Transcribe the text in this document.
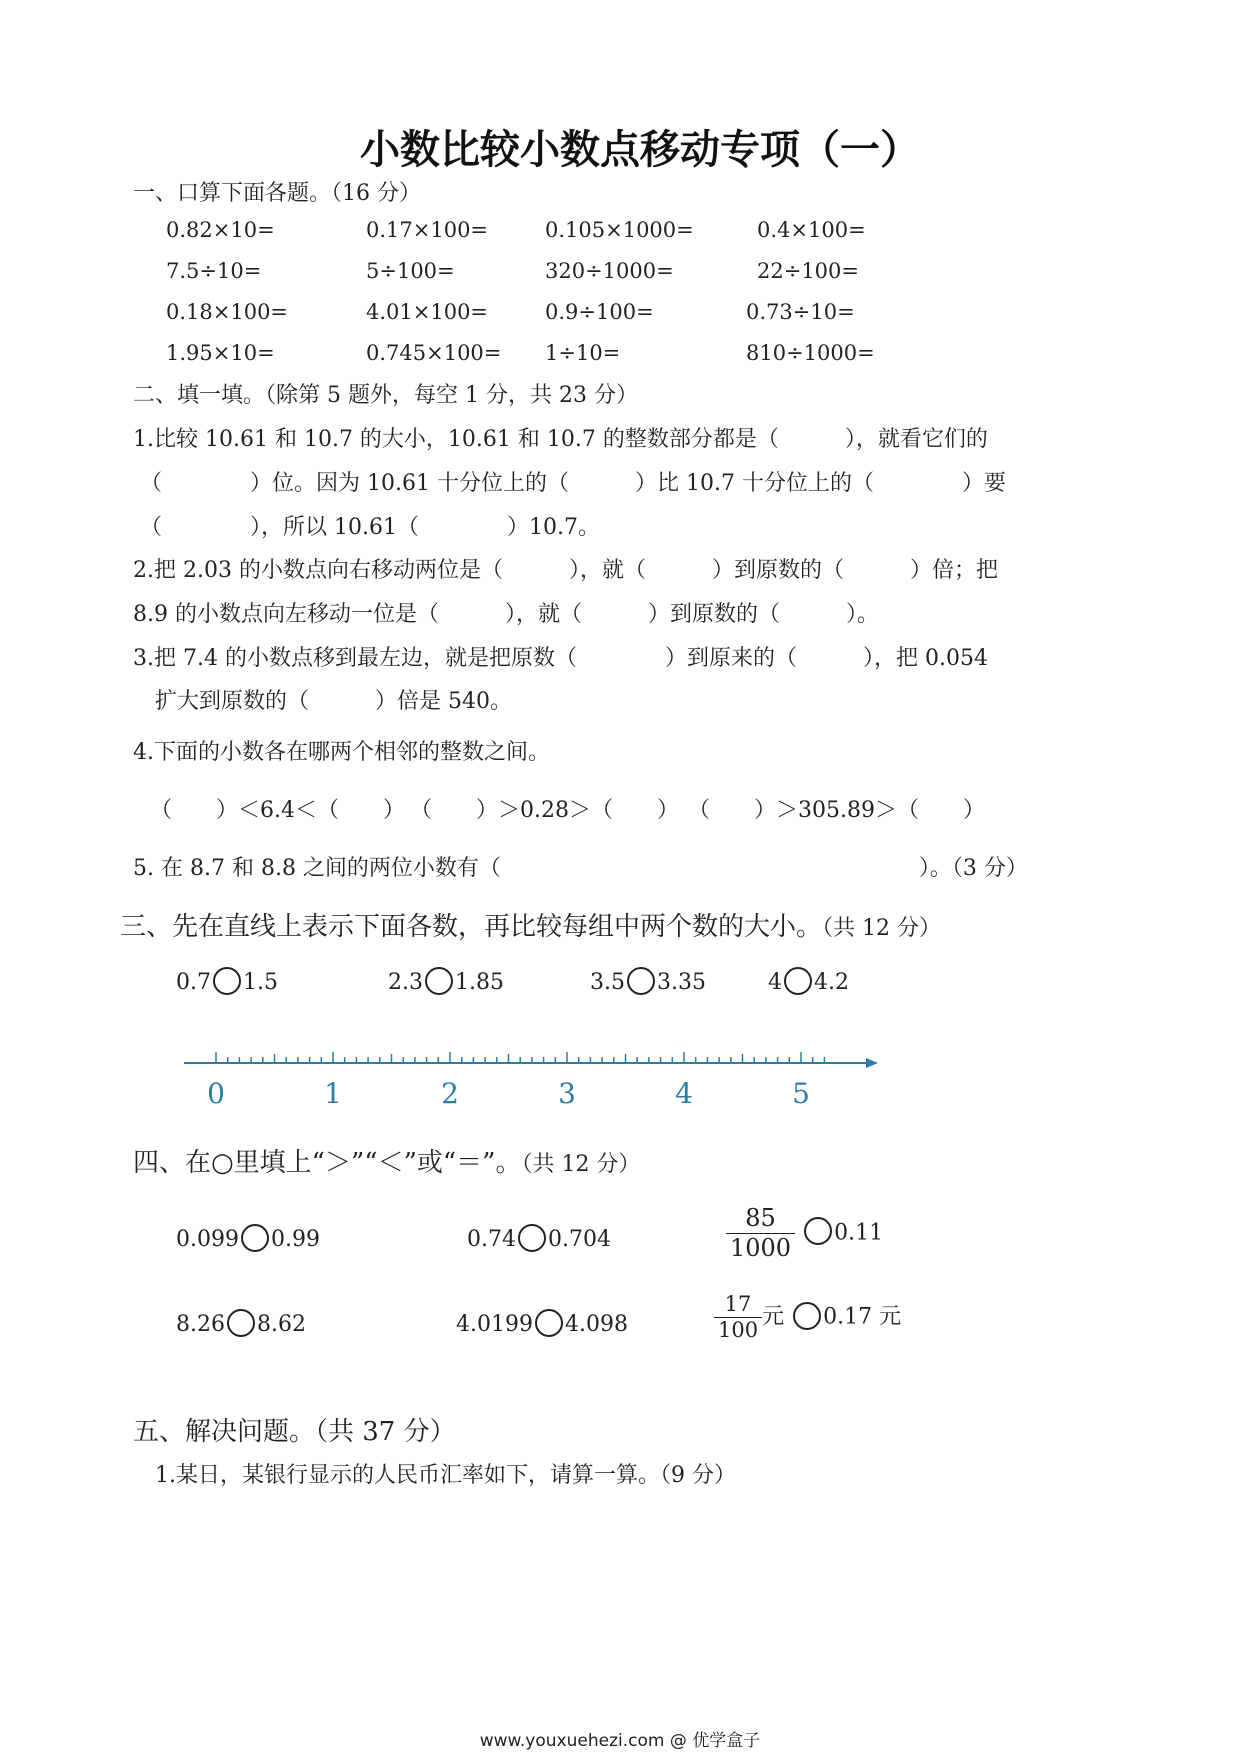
小数比较小数点移动专项（一）
一、口算下面各题。（16 分）
0.82×10=	0.17×100=	0.105×1000=	0.4×100=
7.5÷10=	5÷100=	320÷1000=	22÷100=
0.18×100=	4.01×100=	0.9÷100=	0.73÷10=
1.95×10=	0.745×100= 1÷10=	810÷1000=
二、填一填。（除第 5 题外，每空 1 分，共 23 分）
1.比较 10.61 和 10.7 的大小，10.61 和 10.7 的整数部分都是（　　　），就看它们的
（　　　　）位。因为 10.61 十分位上的（　　　）比 10.7 十分位上的（　　　　）要
（　　　　），所以 10.61（　　　　）10.7。
2.把 2.03 的小数点向右移动两位是（　　　），就（　　　）到原数的（　　　）倍；把
8.9 的小数点向左移动一位是（　　　），就（　　　）到原数的（　　　）。
3.把 7.4 的小数点移到最左边，就是把原数（　　　　）到原来的（　　　），把 0.054
扩大到原数的（　　　）倍是 540。
4.下面的小数各在哪两个相邻的整数之间。
（　　）＜6.4＜（　　） （　　）＞0.28＞（　　） （　　）＞305.89＞（　　）
5. 在 8.7 和 8.8 之间的两位小数有（　　　　　　　　　　　　　　　　　　　）。（3 分）
三、先在直线上表示下面各数，再比较每组中两个数的大小。（共 12 分）
0.7 1.5	2.3 1.85	3.5 3.35	4 4.2
0	1	2	3	4	5
四、在○里填上“＞”“＜”或“＝”。（共 12 分）
0.099 0.99	0.74 0.704	$\frac{85}{1000} 0.11$
8.26 8.62	4.0199 4.098	$\frac{17}{100}$ 元 0.17 元
五、解决问题。（共 37 分）
1.某日，某银行显示的人民币汇率如下，请算一算。（9 分）
www.youxuehezi.com @ 优学盒子
